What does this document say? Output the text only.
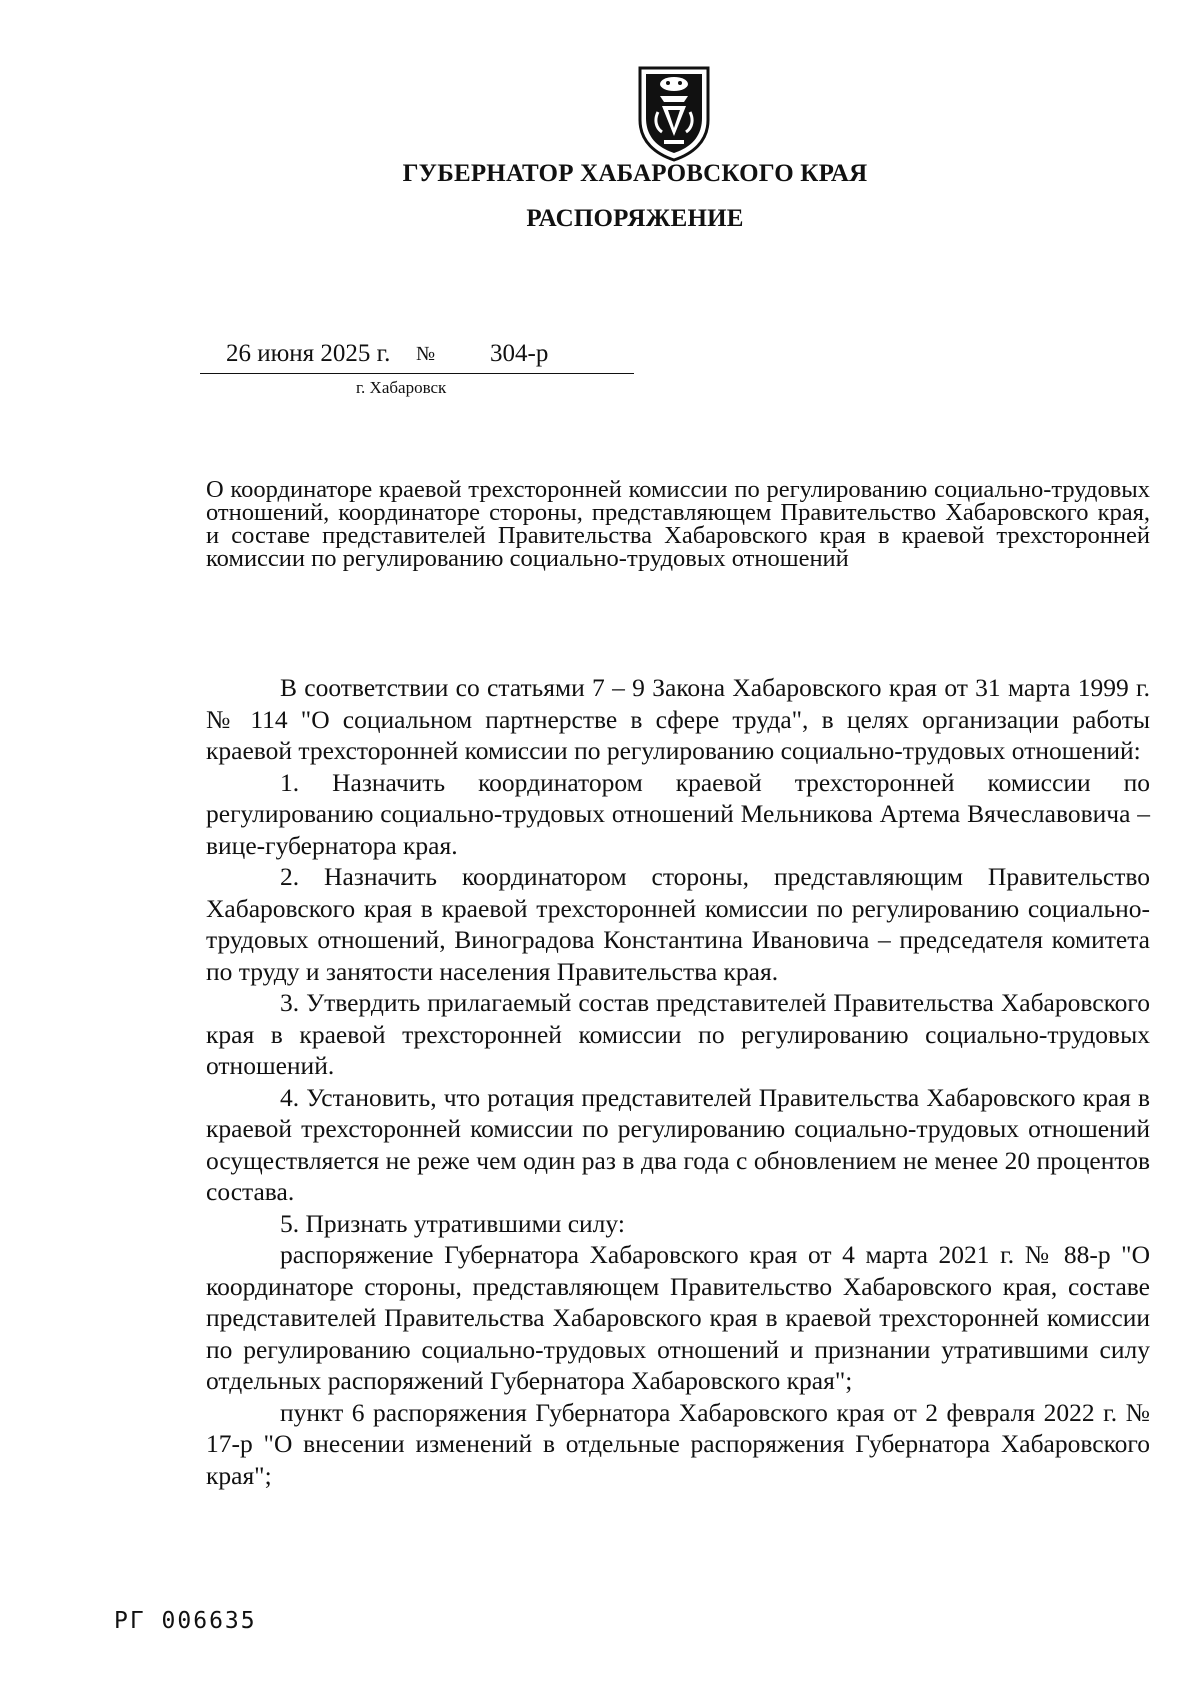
ГУБЕРНАТОР ХАБАРОВСКОГО КРАЯ
РАСПОРЯЖЕНИЕ
26 июня 2025 г. № 304-р
г. Хабаровск
О координаторе краевой трехсторонней комиссии по регулированию социально-трудовых отношений, координаторе стороны, представляющем Правительство Хабаровского края, и составе представителей Правительства Хабаровского края в краевой трехсторонней комиссии по регулированию социально-трудовых отношений

В соответствии со статьями 7 – 9 Закона Хабаровского края от 31 марта 1999 г. № 114 "О социальном партнерстве в сфере труда", в целях организации работы краевой трехсторонней комиссии по регулированию социально-трудовых отношений:

1. Назначить координатором краевой трехсторонней комиссии по регулированию социально-трудовых отношений Мельникова Артема Вячеславовича – вице-губернатора края.

2. Назначить координатором стороны, представляющим Правительство Хабаровского края в краевой трехсторонней комиссии по регулированию социально-трудовых отношений, Виноградова Константина Ивановича – председателя комитета по труду и занятости населения Правительства края.

3. Утвердить прилагаемый состав представителей Правительства Хабаровского края в краевой трехсторонней комиссии по регулированию социально-трудовых отношений.

4. Установить, что ротация представителей Правительства Хабаровского края в краевой трехсторонней комиссии по регулированию социально-трудовых отношений осуществляется не реже чем один раз в два года с обновлением не менее 20 процентов состава.

5. Признать утратившими силу:

распоряжение Губернатора Хабаровского края от 4 марта 2021 г. № 88-р "О координаторе стороны, представляющем Правительство Хабаровского края, составе представителей Правительства Хабаровского края в краевой трехсторонней комиссии по регулированию социально-трудовых отношений и признании утратившими силу отдельных распоряжений Губернатора Хабаровского края";

пункт 6 распоряжения Губернатора Хабаровского края от 2 февраля 2022 г. № 17-р "О внесении изменений в отдельные распоряжения Губернатора Хабаровского края";

РГ 006635
